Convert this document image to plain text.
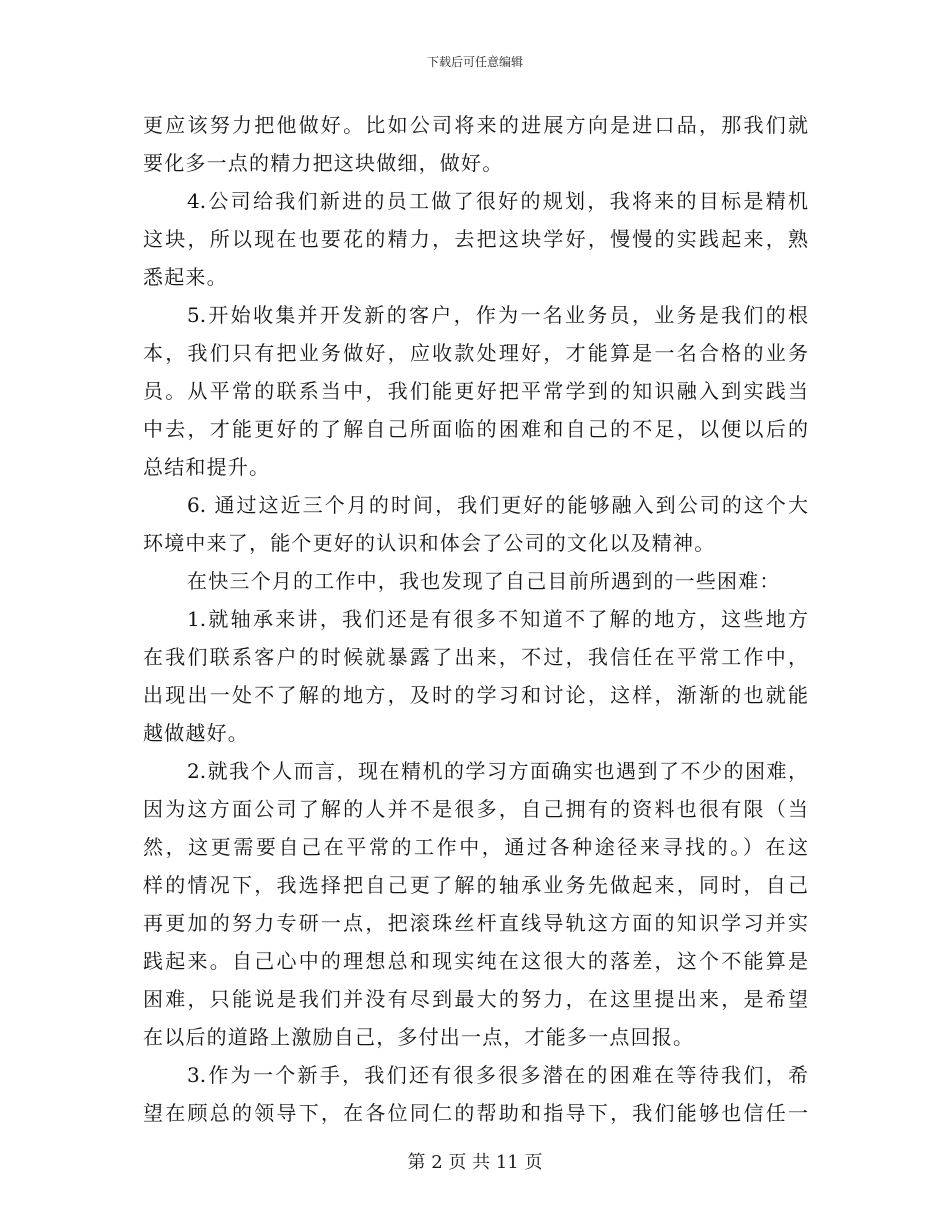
下载后可任意编辑
更应该努力把他做好。比如公司将来的进展方向是进口品，那我们就
要化多一点的精力把这块做细，做好。
4.公司给我们新进的员工做了很好的规划，我将来的目标是精机
这块，所以现在也要花的精力，去把这块学好，慢慢的实践起来，熟
悉起来。
5.开始收集并开发新的客户，作为一名业务员，业务是我们的根
本，我们只有把业务做好，应收款处理好，才能算是一名合格的业务
员。从平常的联系当中，我们能更好把平常学到的知识融入到实践当
中去，才能更好的了解自己所面临的困难和自己的不足，以便以后的
总结和提升。
6. 通过这近三个月的时间，我们更好的能够融入到公司的这个大
环境中来了，能个更好的认识和体会了公司的文化以及精神。
在快三个月的工作中，我也发现了自己目前所遇到的一些困难：
1.就轴承来讲，我们还是有很多不知道不了解的地方，这些地方
在我们联系客户的时候就暴露了出来，不过，我信任在平常工作中，
出现出一处不了解的地方，及时的学习和讨论，这样，渐渐的也就能
越做越好。
2.就我个人而言，现在精机的学习方面确实也遇到了不少的困难，
因为这方面公司了解的人并不是很多，自己拥有的资料也很有限（当
然，这更需要自己在平常的工作中，通过各种途径来寻找的。）在这
样的情况下，我选择把自己更了解的轴承业务先做起来，同时，自己
再更加的努力专研一点，把滚珠丝杆直线导轨这方面的知识学习并实
践起来。自己心中的理想总和现实纯在这很大的落差，这个不能算是
困难，只能说是我们并没有尽到最大的努力，在这里提出来，是希望
在以后的道路上激励自己，多付出一点，才能多一点回报。
3.作为一个新手，我们还有很多很多潜在的困难在等待我们，希
望在顾总的领导下，在各位同仁的帮助和指导下，我们能够也信任一
第 2 页 共 11 页
